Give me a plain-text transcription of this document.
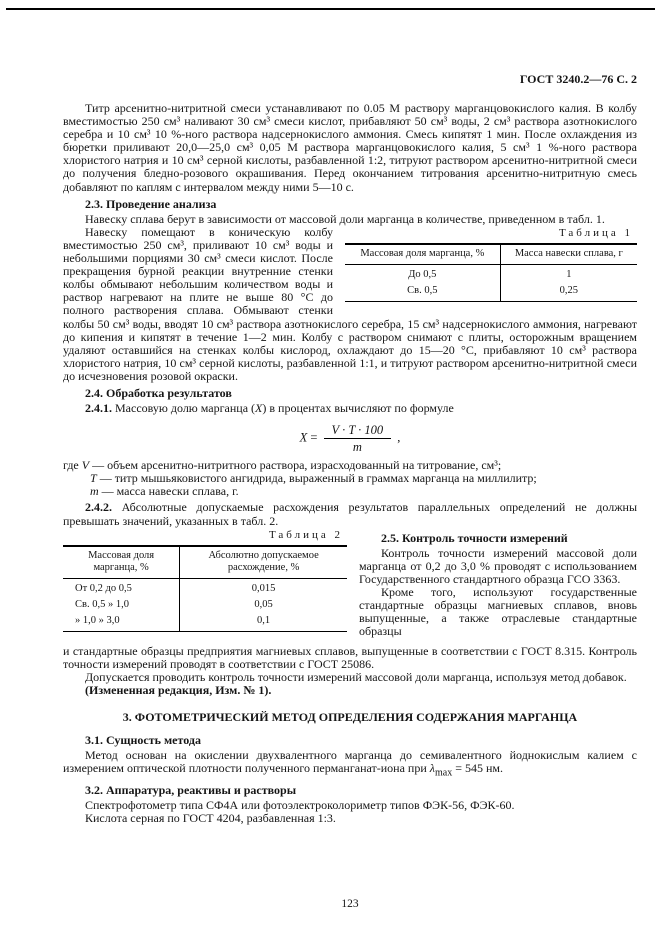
ГОСТ 3240.2—76 С. 2

Титр арсенитно-нитритной смеси устанавливают по 0.05 М раствору марганцовокислого калия. В колбу вместимостью 250 см³ наливают 30 см³ смеси кислот, прибавляют 50 см³ воды, 2 см³ раствора азотнокислого серебра и 10 см³ 10 %-ного раствора надсернокислого аммония. Смесь кипятят 1 мин. После охлаждения из бюретки приливают 20,0—25,0 см³ 0,05 М раствора марганцовокислого калия, 5 см³ 1 %-ного раствора хлористого натрия и 10 см³ серной кислоты, разбавленной 1:2, титруют раствором арсенитно-нитритной смеси до получения бледно-розового окрашивания. Перед окончанием титрования арсенитно-нитритную смесь добавляют по каплям с интервалом между ними 5—10 с.

2.3. Проведение анализа

Навеску сплава берут в зависимости от массовой доли марганца в количестве, приведенном в табл. 1.

Таблица 1
Массовая доля марганца, %	Масса навески сплава, г
До 0,5	1
Св. 0,5	0,25

Навеску помещают в коническую колбу вместимостью 250 см³, приливают 10 см³ воды и небольшими порциями 30 см³ смеси кислот. После прекращения бурной реакции внутренние стенки колбы обмывают небольшим количеством воды и раствор нагревают на плите не выше 80 °С до полного растворения сплава. Обмывают стенки колбы 50 см³ воды, вводят 10 см³ раствора азотнокислого серебра, 15 см³ надсернокислого аммония, нагревают до кипения и кипятят в течение 1—2 мин. Колбу с раствором снимают с плиты, осторожным вращением удаляют оставшийся на стенках колбы кислород, охлаждают до 15—20 °С, прибавляют 10 см³ раствора хлористого натрия, 10 см³ серной кислоты, разбавленной 1:1, и титруют раствором арсенитно-нитритной смеси до исчезновения розовой окраски.

2.4. Обработка результатов

2.4.1. Массовую долю марганца (X) в процентах вычисляют по формуле

$X = \frac{V \cdot T \cdot 100}{m}$ ,
где V — объем арсенитно-нитритного раствора, израсходованный на титрование, см³;
Т — титр мышьяковистого ангидрида, выраженный в граммах марганца на миллилитр;
т — масса навески сплава, г.

2.4.2. Абсолютные допускаемые расхождения результатов параллельных определений не должны превышать значений, указанных в табл. 2.

Таблица 2
Массовая доля марганца, %	Абсолютно допускаемое расхождение, %
От 0,2 до 0,5	0,015
Св. 0,5 » 1,0	0,05
» 1,0 » 3,0	0,1
2.5. Контроль точности измерений

Контроль точности измерений массовой доли марганца от 0,2 до 3,0 % проводят с использованием Государственного стандартного образца ГСО 3363.

Кроме того, используют государственные стандартные образцы магниевых сплавов, вновь выпущенные, а также отраслевые стандартные образцы

и стандартные образцы предприятия магниевых сплавов, выпущенные в соответствии с ГОСТ 8.315. Контроль точности измерений проводят в соответствии с ГОСТ 25086.

Допускается проводить контроль точности измерений массовой доли марганца, используя метод добавок.

(Измененная редакция, Изм. № 1).

3. ФОТОМЕТРИЧЕСКИЙ МЕТОД ОПРЕДЕЛЕНИЯ СОДЕРЖАНИЯ МАРГАНЦА
3.1. Сущность метода

Метод основан на окислении двухвалентного марганца до семивалентного йоднокислым калием с измерением оптической плотности полученного перманганат-иона при $\lambda_{max} = 545$ нм.

3.2. Аппаратура, реактивы и растворы

Спектрофотометр типа СФ4А или фотоэлектроколориметр типов ФЭК-56, ФЭК-60.

Кислота серная по ГОСТ 4204, разбавленная 1:3.

123
